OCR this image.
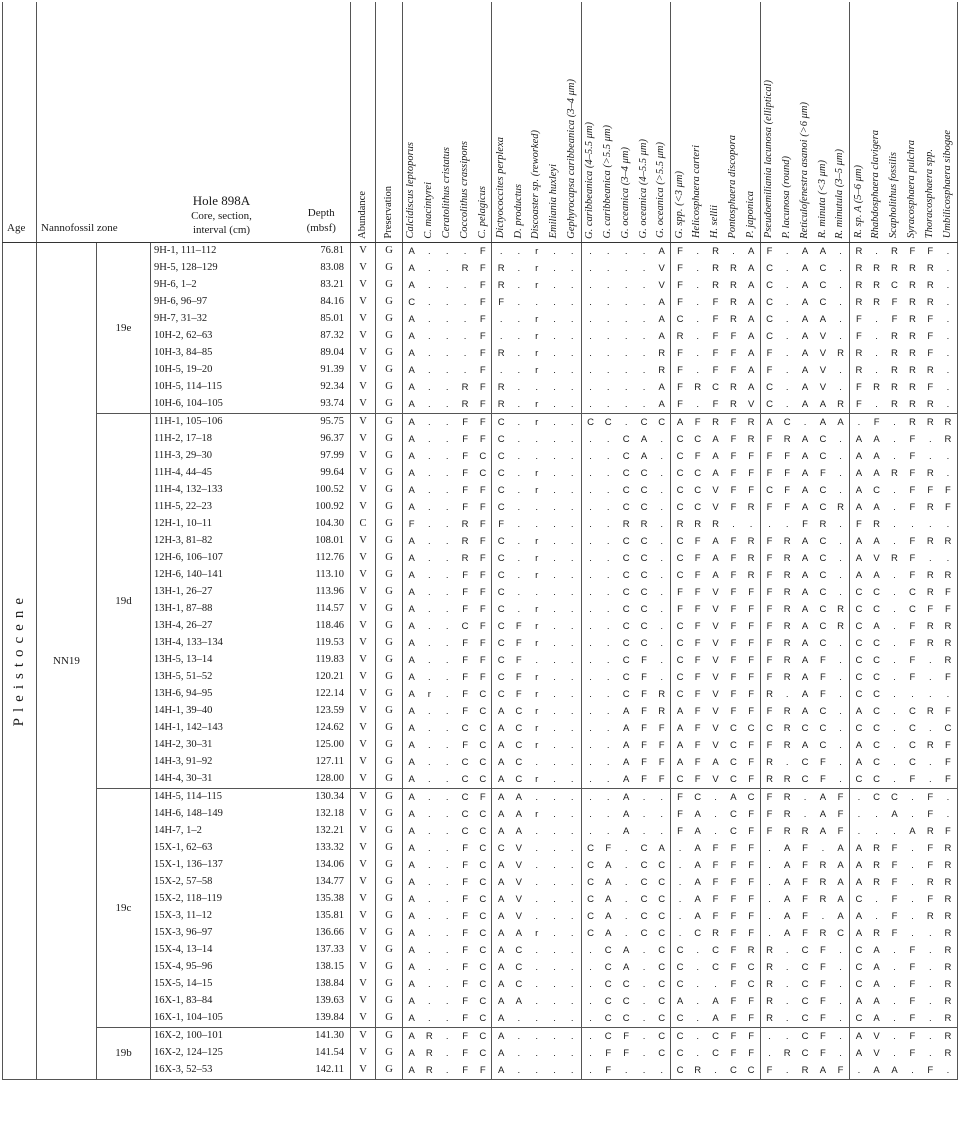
Age	Nannofossil zone		Hole 898A
Core, section,
interval (cm)	Depth
(mbsf)	Abundance	Preservation	Calcidiscus leptoporus	C. macintyrei	Ceratolithus cristatus	Coccolithus crassipons	C. pelagicus	Dictyococcites perplexa	D. productus	Discoaster sp. (reworked)	Emiliania huxleyi	Gephyrocapsa caribbeanica (3–4 μm)	G. caribbeanica (4–5.5 μm)	G. caribbeanica (>5.5 μm)	G. oceanica (3–4 μm)	G. oceanica (4–5.5 μm)	G. oceanica (>5.5 μm)	G. spp. (<3 μm)	Helicosphaera carteri	H. sellii	Pontosphaera discopora	P. japonica	Pseudoemiliania lacunosa (elliptical)	P. lacunosa (round)	Reticulofenestra asanoi (>6 μm)	R. minuta (<3 μm)	R. minutula (3–5 μm)	R. sp. A (5–6 μm)	Rhabdosphaera clavigera	Scapholithus fossilis	Syracosphaera pulchra	Thoracosphaera spp.	Umbilicosphaera sibogae
Pleistocene	NN19	19e	9H-1, 111–112	76.81	V	G	A	.	.	.	F	.	.	r	.	.	.	.	.	.	A	F	.	R	.	A	F	.	A	A	.	R	.	R	F	F	.
			9H-5, 128–129	83.08	V	G	A	.	.	R	F	R	.	r	.	.	.	.	.	.	V	F	.	R	R	A	C	.	A	C	.	R	R	R	R	R	.
			9H-6, 1–2	83.21	V	G	A	.	.	.	F	R	.	r	.	.	.	.	.	.	V	F	.	R	R	A	C	.	A	C	.	R	R	C	R	R	.
			9H-6, 96–97	84.16	V	G	C	.	.	.	F	F	.	.	.	.	.	.	.	.	A	F	.	F	R	A	C	.	A	C	.	R	R	F	R	R	.
			9H-7, 31–32	85.01	V	G	A	.	.	.	F	.	.	r	.	.	.	.	.	.	A	C	.	F	R	A	C	.	A	A	.	F	.	F	R	F	.
			10H-2, 62–63	87.32	V	G	A	.	.	.	F	.	.	r	.	.	.	.	.	.	A	R	.	F	F	A	C	.	A	V	.	F	.	R	R	F	.
			10H-3, 84–85	89.04	V	G	A	.	.	.	F	R	.	r	.	.	.	.	.	.	R	F	.	F	F	A	F	.	A	V	R	R	.	R	R	F	.
			10H-5, 19–20	91.39	V	G	A	.	.	.	F	.	.	r	.	.	.	.	.	.	R	F	.	F	F	A	F	.	A	V	.	R	.	R	R	R	.
			10H-5, 114–115	92.34	V	G	A	.	.	R	F	R	.	.	.	.	.	.	.	.	A	F	R	C	R	A	C	.	A	V	.	F	R	R	R	F	.
			10H-6, 104–105	93.74	V	G	A	.	.	R	F	R	.	r	.	.	.	.	.	.	A	F	.	F	R	V	C	.	A	A	R	F	.	R	R	R	.
		19d	11H-1, 105–106	95.75	V	G	A	.	.	F	F	C	.	r	.	.	C	C	.	C	C	A	F	R	F	R	A	C	.	A	A	.	F	.	R	R	R
			11H-2, 17–18	96.37	V	G	A	.	.	F	F	C	.	.	.	.	.	.	C	A	.	C	C	A	F	R	F	R	A	C	.	A	A	.	F	.	R
			11H-3, 29–30	97.99	V	G	A	.	.	F	C	C	.	.	.	.	.	.	C	A	.	C	F	A	F	F	F	F	A	C	.	A	A	.	F	.	.
			11H-4, 44–45	99.64	V	G	A	.	.	F	C	C	.	r	.	.	.	.	C	C	.	C	C	A	F	F	F	F	A	F	.	A	A	R	F	R	.
			11H-4, 132–133	100.52	V	G	A	.	.	F	F	C	.	r	.	.	.	.	C	C	.	C	C	V	F	F	C	F	A	C	.	A	C	.	F	F	F
			11H-5, 22–23	100.92	V	G	A	.	.	F	F	C	.	.	.	.	.	.	C	C	.	C	C	V	F	R	F	F	A	C	R	A	A	.	F	R	F
			12H-1, 10–11	104.30	C	G	F	.	.	R	F	F	.	.	.	.	.	.	R	R	.	R	R	R	.	.	.	.	F	R	.	F	R	.	.	.	.
			12H-3, 81–82	108.01	V	G	A	.	.	R	F	C	.	r	.	.	.	.	C	C	.	C	F	A	F	R	F	R	A	C	.	A	A	.	F	R	R
			12H-6, 106–107	112.76	V	G	A	.	.	R	F	C	.	r	.	.	.	.	C	C	.	C	F	A	F	R	F	R	A	C	.	A	V	R	F	.	.
			12H-6, 140–141	113.10	V	G	A	.	.	F	F	C	.	r	.	.	.	.	C	C	.	C	F	A	F	R	F	R	A	C	.	A	A	.	F	R	R
			13H-1, 26–27	113.96	V	G	A	.	.	F	F	C	.	.	.	.	.	.	C	C	.	F	F	V	F	F	F	R	A	C	.	C	C	.	C	R	F
			13H-1, 87–88	114.57	V	G	A	.	.	F	F	C	.	r	.	.	.	.	C	C	.	F	F	V	F	F	F	R	A	C	R	C	C	.	C	F	F
			13H-4, 26–27	118.46	V	G	A	.	.	C	F	C	F	r	.	.	.	.	C	C	.	C	F	V	F	F	F	R	A	C	R	C	A	.	F	R	R
			13H-4, 133–134	119.53	V	G	A	.	.	F	F	C	F	r	.	.	.	.	C	C	.	C	F	V	F	F	F	R	A	C	.	C	C	.	F	R	R
			13H-5, 13–14	119.83	V	G	A	.	.	F	F	C	F	.	.	.	.	.	C	F	.	C	F	V	F	F	F	R	A	F	.	C	C	.	F	.	R
			13H-5, 51–52	120.21	V	G	A	.	.	F	F	C	F	r	.	.	.	.	C	F	.	C	F	V	F	F	F	R	A	F	.	C	C	.	F	.	F
			13H-6, 94–95	122.14	V	G	A	r	.	F	C	C	F	r	.	.	.	.	C	F	R	C	F	V	F	F	R	.	A	F	.	C	C	.	.	.	.
			14H-1, 39–40	123.59	V	G	A	.	.	F	C	A	C	r	.	.	.	.	A	F	R	A	F	V	F	F	F	R	A	C	.	A	C	.	C	R	F
			14H-1, 142–143	124.62	V	G	A	.	.	C	C	A	C	r	.	.	.	.	A	F	F	A	F	V	C	C	C	R	C	C	.	C	C	.	C	.	C
			14H-2, 30–31	125.00	V	G	A	.	.	F	C	A	C	r	.	.	.	.	A	F	F	A	F	V	C	F	F	R	A	C	.	A	C	.	C	R	F
			14H-3, 91–92	127.11	V	G	A	.	.	C	C	A	C	.	.	.	.	.	A	F	F	A	F	A	C	F	R	.	C	F	.	A	C	.	C	.	F
			14H-4, 30–31	128.00	V	G	A	.	.	C	C	A	C	r	.	.	.	.	A	F	F	C	F	V	C	F	R	R	C	F	.	C	C	.	F	.	F
		19c	14H-5, 114–115	130.34	V	G	A	.	.	C	F	A	A	.	.	.	.	.	A	.	.	F	C	.	A	C	F	R	.	A	F	.	C	C	.	F	.
			14H-6, 148–149	132.18	V	G	A	.	.	C	C	A	A	r	.	.	.	.	A	.	.	F	A	.	C	F	F	R	.	A	F	.	.	A	.	F	.
			14H-7, 1–2	132.21	V	G	A	.	.	C	C	A	A	.	.	.	.	.	A	.	.	F	A	.	C	F	F	R	R	A	F	.	.	.	A	R	F
			15X-1, 62–63	133.32	V	G	A	.	.	F	C	C	V	.	.	.	C	F	.	C	A	.	A	F	F	F	.	A	F	.	A	A	R	F	.	F	R
			15X-1, 136–137	134.06	V	G	A	.	.	F	C	A	V	.	.	.	C	A	.	C	C	.	A	F	F	F	.	A	F	R	A	A	R	F	.	F	R
			15X-2, 57–58	134.77	V	G	A	.	.	F	C	A	V	.	.	.	C	A	.	C	C	.	A	F	F	F	.	A	F	R	A	A	R	F	.	R	R
			15X-2, 118–119	135.38	V	G	A	.	.	F	C	A	V	.	.	.	C	A	.	C	C	.	A	F	F	F	.	A	F	R	A	C	.	F	.	F	R
			15X-3, 11–12	135.81	V	G	A	.	.	F	C	A	V	.	.	.	C	A	.	C	C	.	A	F	F	F	.	A	F	.	A	A	.	F	.	R	R
			15X-3, 96–97	136.66	V	G	A	.	.	F	C	A	A	r	.	.	C	A	.	C	C	.	C	R	F	F	.	A	F	R	C	A	R	F	.	.	R
			15X-4, 13–14	137.33	V	G	A	.	.	F	C	A	C	.	.	.	.	C	A	.	C	C	.	C	F	R	R	.	C	F	.	C	A	.	F	.	R
			15X-4, 95–96	138.15	V	G	A	.	.	F	C	A	C	.	.	.	.	C	A	.	C	C	.	C	F	C	R	.	C	F	.	C	A	.	F	.	R
			15X-5, 14–15	138.84	V	G	A	.	.	F	C	A	C	.	.	.	.	C	C	.	C	C	.	.	F	C	R	.	C	F	.	C	A	.	F	.	R
			16X-1, 83–84	139.63	V	G	A	.	.	F	C	A	A	.	.	.	.	C	C	.	C	A	.	A	F	F	R	.	C	F	.	A	A	.	F	.	R
			16X-1, 104–105	139.84	V	G	A	.	.	F	C	A	.	.	.	.	.	C	C	.	C	C	.	A	F	F	R	.	C	F	.	C	A	.	F	.	R
		19b	16X-2, 100–101	141.30	V	G	A	R	.	F	C	A	.	.	.	.	.	C	F	.	C	C	.	C	F	F	.	.	C	F	.	A	V	.	F	.	R
			16X-2, 124–125	141.54	V	G	A	R	.	F	C	A	.	.	.	.	.	F	F	.	C	C	.	C	F	F	.	R	C	F	.	A	V	.	F	.	R
			16X-3, 52–53	142.11	V	G	A	R	.	F	F	A	.	.	.	.	.	F	.	.	.	C	R	.	C	C	F	.	R	A	F	.	A	A	.	F	.
